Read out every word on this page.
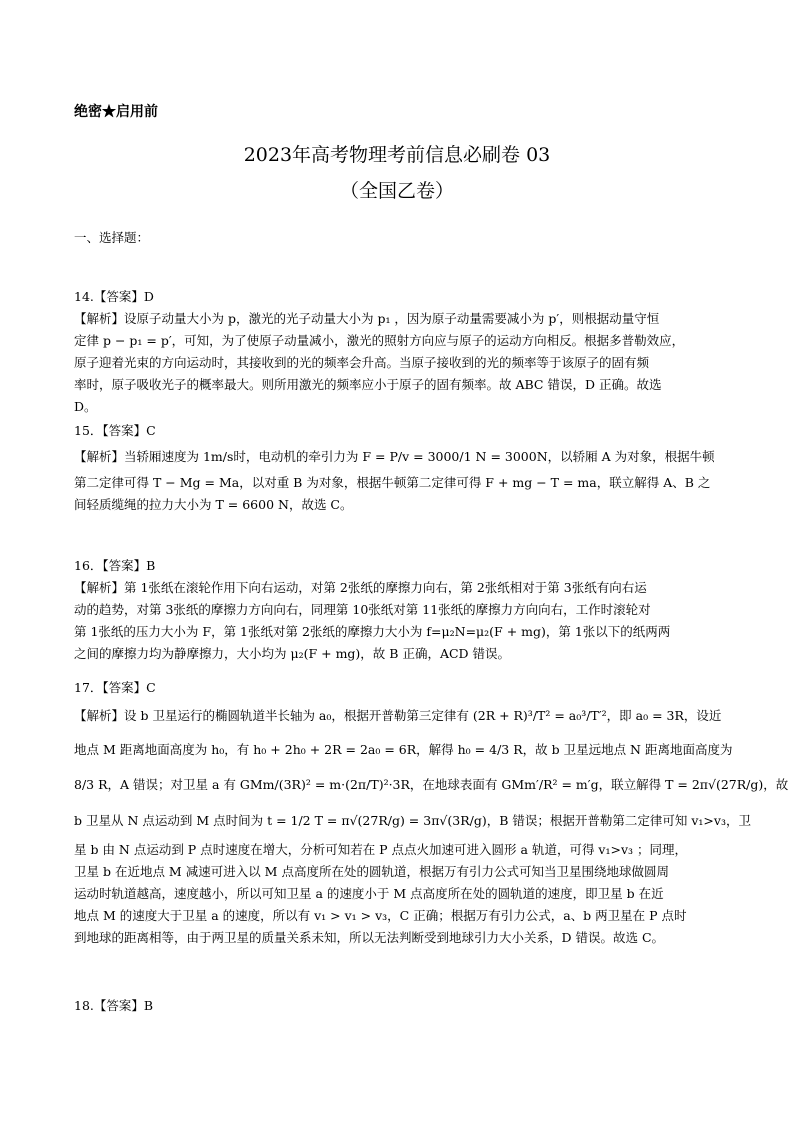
绝密★启用前
2023年高考物理考前信息必刷卷 03
（全国乙卷）
一、选择题：
14.【答案】D
【解析】设原子动量大小为 p，激光的光子动量大小为 p₁ ，因为原子动量需要减小为 p′，则根据动量守恒
定律 p − p₁ = p′，可知，为了使原子动量减小，激光的照射方向应与原子的运动方向相反。根据多普勒效应，
原子迎着光束的方向运动时，其接收到的光的频率会升高。当原子接收到的光的频率等于该原子的固有频
率时，原子吸收光子的概率最大。则所用激光的频率应小于原子的固有频率。故 ABC 错误，D 正确。故选
D。
15．【答案】C
【解析】当轿厢速度为 1m/s时，电动机的牵引力为 F = P/v = 3000/1 N = 3000N，以轿厢 A 为对象，根据牛顿
第二定律可得 T − Mg = Ma，以对重 B 为对象，根据牛顿第二定律可得 F + mg − T = ma，联立解得 A、B 之
间轻质缆绳的拉力大小为 T = 6600 N，故选 C。
16．【答案】B
【解析】第 1张纸在滚轮作用下向右运动，对第 2张纸的摩擦力向右，第 2张纸相对于第 3张纸有向右运
动的趋势，对第 3张纸的摩擦力方向向右，同理第 10张纸对第 11张纸的摩擦力方向向右，工作时滚轮对
第 1张纸的压力大小为 F，第 1张纸对第 2张纸的摩擦力大小为 f=μ₂N=μ₂(F + mg)，第 1张以下的纸两两
之间的摩擦力均为静摩擦力，大小均为 μ₂(F + mg)，故 B 正确，ACD 错误。
17．【答案】C
【解析】设 b 卫星运行的椭圆轨道半长轴为 a₀，根据开普勒第三定律有 (2R + R)³/T² = a₀³/T′²，即 a₀ = 3R，设近
地点 M 距离地面高度为 h₀，有 h₀ + 2h₀ + 2R = 2a₀ = 6R，解得 h₀ = 4/3 R，故 b 卫星远地点 N 距离地面高度为
8/3 R，A 错误；对卫星 a 有 GMm/(3R)² = m·(2π/T)²·3R，在地球表面有 GMm′/R² = m′g，联立解得 T = 2π√(27R/g)，故
b 卫星从 N 点运动到 M 点时间为 t = 1/2 T = π√(27R/g) = 3π√(3R/g)，B 错误；根据开普勒第二定律可知 v₁>v₃，卫
星 b 由 N 点运动到 P 点时速度在增大，分析可知若在 P 点点火加速可进入圆形 a 轨道，可得 v₁>v₃ ；同理，
卫星 b 在近地点 M 减速可进入以 M 点高度所在处的圆轨道，根据万有引力公式可知当卫星围绕地球做圆周
运动时轨道越高，速度越小，所以可知卫星 a 的速度小于 M 点高度所在处的圆轨道的速度，即卫星 b 在近
地点 M 的速度大于卫星 a 的速度，所以有 v₁ > v₁ > v₃，C 正确；根据万有引力公式，a、b 两卫星在 P 点时
到地球的距离相等，由于两卫星的质量关系未知，所以无法判断受到地球引力大小关系，D 错误。故选 C。
18.【答案】B
